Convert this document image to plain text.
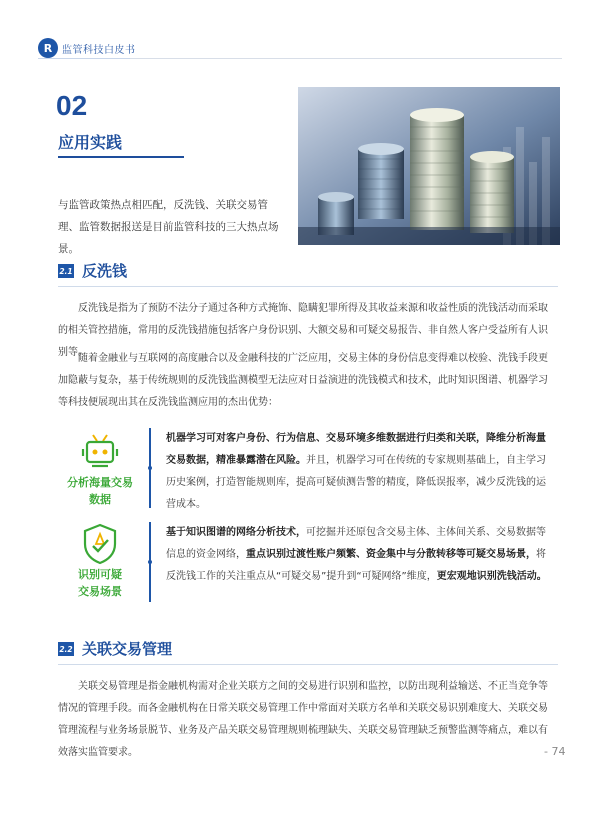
R 监管科技白皮书
02
应用实践
与监管政策热点相匹配，反洗钱、关联交易管理、监管数据报送是目前监管科技的三大热点场景。
2.1 反洗钱
反洗钱是指为了预防不法分子通过各种方式掩饰、隐瞒犯罪所得及其收益来源和收益性质的洗钱活动而采取的相关管控措施，常用的反洗钱措施包括客户身份识别、大额交易和可疑交易报告、非自然人客户受益所有人识别等。
随着金融业与互联网的高度融合以及金融科技的广泛应用，交易主体的身份信息变得难以校验、洗钱手段更加隐蔽与复杂，基于传统规则的反洗钱监测模型无法应对日益演进的洗钱模式和技术，此时知识图谱、机器学习等科技便展现出其在反洗钱监测应用的杰出优势：
分析海量交易
数据
机器学习可对客户身份、行为信息、交易环境多维数据进行归类和关联，降维分析海量交易数据，精准暴露潜在风险。并且，机器学习可在传统的专家规则基础上，自主学习历史案例，打造智能规则库，提高可疑侦测告警的精度，降低误报率，减少反洗钱的运营成本。
识别可疑
交易场景
基于知识图谱的网络分析技术，可挖掘并还原包含交易主体、主体间关系、交易数据等信息的资金网络，重点识别过渡性账户频繁、资金集中与分散转移等可疑交易场景，将反洗钱工作的关注重点从“可疑交易”提升到“可疑网络”维度，更宏观地识别洗钱活动。
2.2 关联交易管理
关联交易管理是指金融机构需对企业关联方之间的交易进行识别和监控，以防出现利益输送、不正当竞争等情况的管理手段。而各金融机构在日常关联交易管理工作中常面对关联方名单和关联交易识别难度大、关联交易管理流程与业务场景脱节、业务及产品关联交易管理规则梳理缺失、关联交易管理缺乏预警监测等痛点，难以有效落实监管要求。	- 74
